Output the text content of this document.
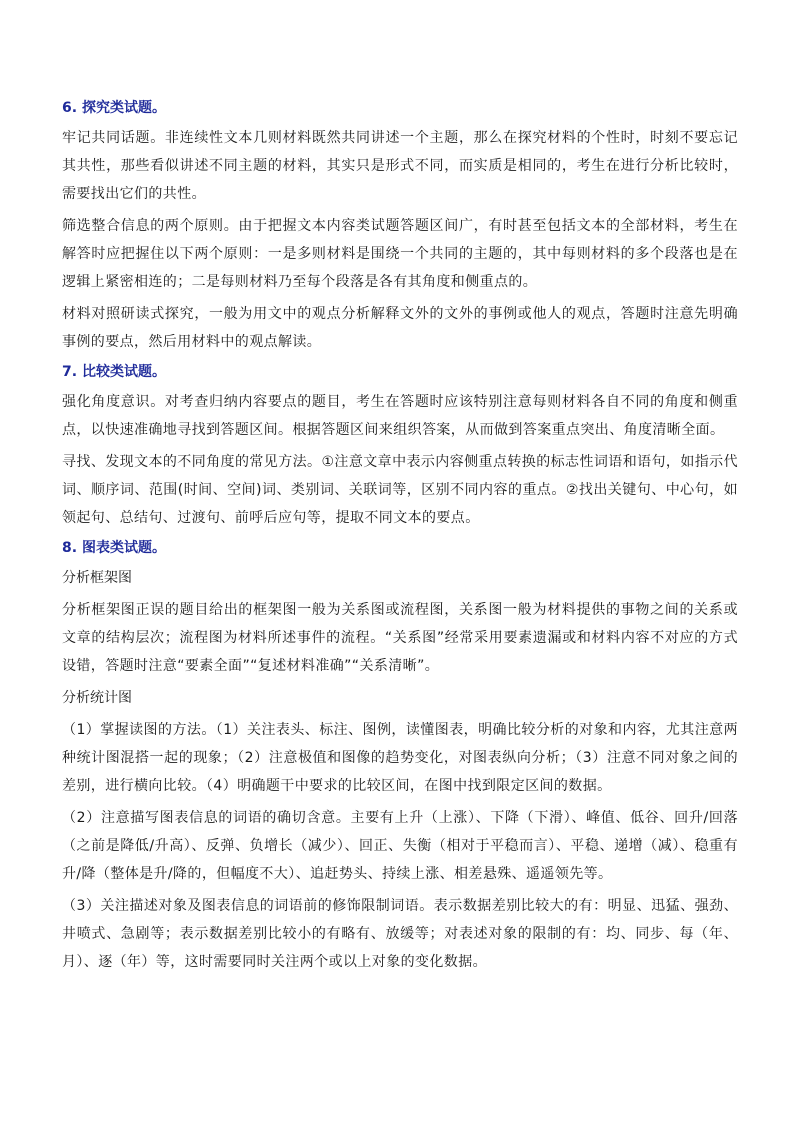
6. 探究类试题。

牢记共同话题。非连续性文本几则材料既然共同讲述一个主题，那么在探究材料的个性时，时刻不要忘记其共性，那些看似讲述不同主题的材料，其实只是形式不同，而实质是相同的，考生在进行分析比较时，需要找出它们的共性。

筛选整合信息的两个原则。由于把握文本内容类试题答题区间广，有时甚至包括文本的全部材料，考生在解答时应把握住以下两个原则：一是多则材料是围绕一个共同的主题的，其中每则材料的多个段落也是在逻辑上紧密相连的；二是每则材料乃至每个段落是各有其角度和侧重点的。

材料对照研读式探究，一般为用文中的观点分析解释文外的文外的事例或他人的观点，答题时注意先明确事例的要点，然后用材料中的观点解读。

7. 比较类试题。

强化角度意识。对考查归纳内容要点的题目，考生在答题时应该特别注意每则材料各自不同的角度和侧重点，以快速准确地寻找到答题区间。根据答题区间来组织答案，从而做到答案重点突出、角度清晰全面。

寻找、发现文本的不同角度的常见方法。①注意文章中表示内容侧重点转换的标志性词语和语句，如指示代词、顺序词、范围(时间、空间)词、类别词、关联词等，区别不同内容的重点。②找出关键句、中心句，如领起句、总结句、过渡句、前呼后应句等，提取不同文本的要点。

8. 图表类试题。

分析框架图

分析框架图正误的题目给出的框架图一般为关系图或流程图，关系图一般为材料提供的事物之间的关系或文章的结构层次；流程图为材料所述事件的流程。“关系图”经常采用要素遗漏或和材料内容不对应的方式设错，答题时注意“要素全面”“复述材料准确”“关系清晰”。

分析统计图

（1）掌握读图的方法。（1）关注表头、标注、图例，读懂图表，明确比较分析的对象和内容，尤其注意两种统计图混搭一起的现象；（2）注意极值和图像的趋势变化，对图表纵向分析；（3）注意不同对象之间的差别，进行横向比较。（4）明确题干中要求的比较区间，在图中找到限定区间的数据。

（2）注意描写图表信息的词语的确切含意。主要有上升（上涨）、下降（下滑）、峰值、低谷、回升/回落（之前是降低/升高）、反弹、负增长（减少）、回正、失衡（相对于平稳而言）、平稳、递增（减）、稳重有升/降（整体是升/降的，但幅度不大）、追赶势头、持续上涨、相差悬殊、遥遥领先等。

（3）关注描述对象及图表信息的词语前的修饰限制词语。表示数据差别比较大的有：明显、迅猛、强劲、井喷式、急剧等；表示数据差别比较小的有略有、放缓等；对表述对象的限制的有：均、同步、每（年、月）、逐（年）等，这时需要同时关注两个或以上对象的变化数据。
